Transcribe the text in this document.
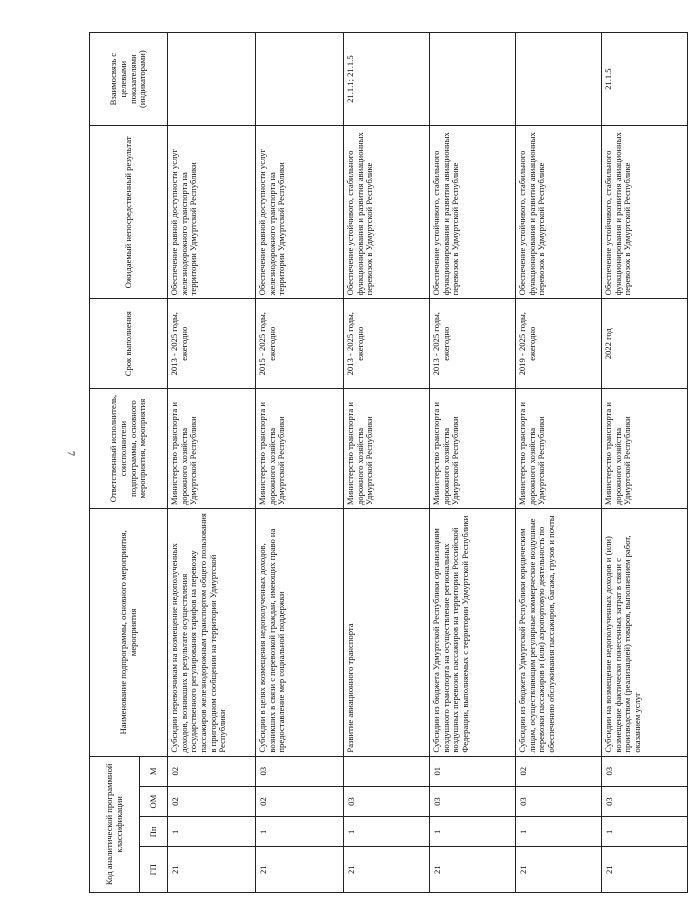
7
Код аналитической программной классификации				Наименование подпрограммы, основного мероприятия, мероприятия	Ответственный исполнитель, соисполнители подпрограммы, основного мероприятия, мероприятия	Срок выполнения	Ожидаемый непосредственный результат	Взаимосвязь с целевыми показателями (индикаторами)
ГП	Пп	ОМ	М					
21	1	02	02	Субсидии перевозчикам на возмещение недополученных доходов, возникших в результате осуществления государственного регулирования тарифов на перевозку пассажиров железнодорожным транспортом общего пользования в пригородном сообщении на территории Удмуртской Республики	Министерство транспорта и дорожного хозяйства Удмуртской Республики	2013 - 2025 годы, ежегодно	Обеспечение равной доступности услуг железнодорожного транспорта на территории Удмуртской Республики	
21	1	02	03	Субсидии в целях возмещения недополученных доходов, возникших в связи с перевозкой граждан, имеющих право на предоставление мер социальной поддержки	Министерство транспорта и дорожного хозяйства Удмуртской Республики	2015 - 2025 годы, ежегодно	Обеспечение равной доступности услуг железнодорожного транспорта на территории Удмуртской Республики	
21	1	03		Развитие авиационного транспорта	Министерство транспорта и дорожного хозяйства Удмуртской Республики	2013 - 2025 годы, ежегодно	Обеспечение устойчивого, стабильного функционирования и развития авиационных перевозок в Удмуртской Республике	21.1.1; 21.1.5
21	1	03	01	Субсидии из бюджета Удмуртской Республики организациям воздушного транспорта на осуществление региональных воздушных перевозок пассажиров на территории Российской Федерации, выполняемых с территории Удмуртской Республики	Министерство транспорта и дорожного хозяйства Удмуртской Республики	2013 - 2025 годы, ежегодно	Обеспечение устойчивого, стабильного функционирования и развития авиационных перевозок в Удмуртской Республике	
21	1	03	02	Субсидии из бюджета Удмуртской Республики юридическим лицам, осуществляющим регулярные коммерческие воздушные перевозки пассажиров и (или) аэропортовую деятельность по обеспечению обслуживания пассажиров, багажа, грузов и почты	Министерство транспорта и дорожного хозяйства Удмуртской Республики	2019 - 2025 годы, ежегодно	Обеспечение устойчивого, стабильного функционирования и развития авиационных перевозок в Удмуртской Республике	
21	1	03	03	Субсидии на возмещение недополученных доходов и (или) возмещение фактически понесенных затрат в связи с производством (реализацией) товаров, выполнением работ, оказанием услуг	Министерство транспорта и дорожного хозяйства Удмуртской Республики	2022 год	Обеспечение устойчивого, стабильного функционирования и развития авиационных перевозок в Удмуртской Республике	21.1.5
